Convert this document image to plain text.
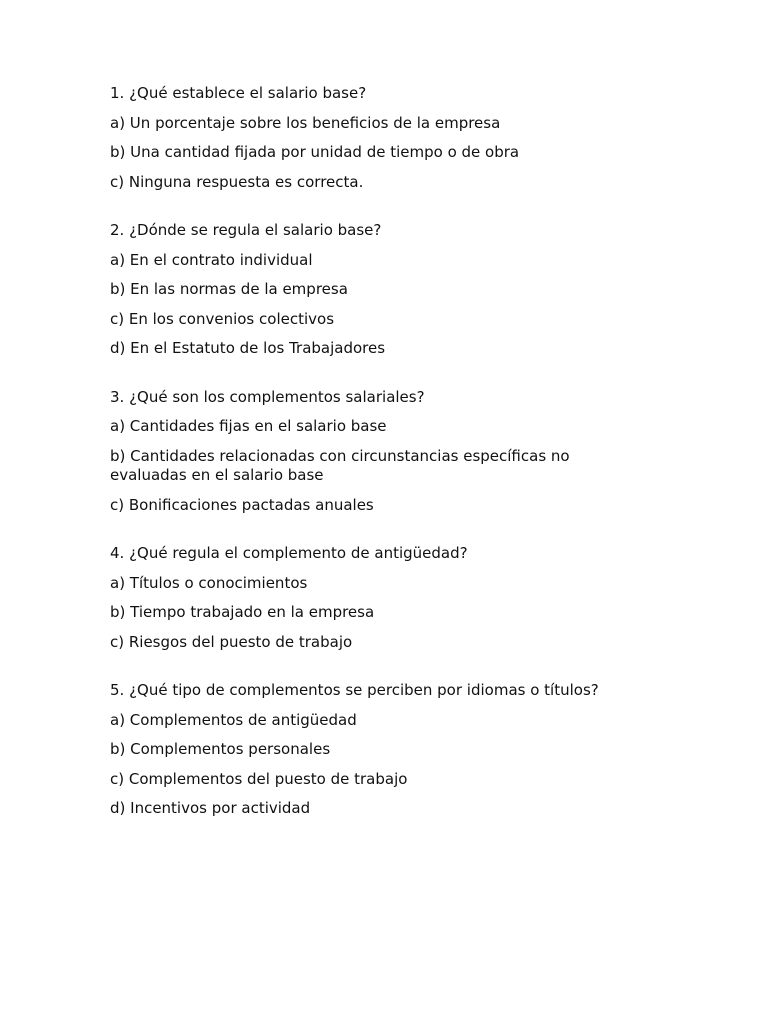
1. ¿Qué establece el salario base?

a) Un porcentaje sobre los beneficios de la empresa

b) Una cantidad fijada por unidad de tiempo o de obra

c) Ninguna respuesta es correcta.

2. ¿Dónde se regula el salario base?

a) En el contrato individual

b) En las normas de la empresa

c) En los convenios colectivos

d) En el Estatuto de los Trabajadores

3. ¿Qué son los complementos salariales?

a) Cantidades fijas en el salario base

b) Cantidades relacionadas con circunstancias específicas no evaluadas en el salario base

c) Bonificaciones pactadas anuales

4. ¿Qué regula el complemento de antigüedad?

a) Títulos o conocimientos

b) Tiempo trabajado en la empresa

c) Riesgos del puesto de trabajo

5. ¿Qué tipo de complementos se perciben por idiomas o títulos?

a) Complementos de antigüedad

b) Complementos personales

c) Complementos del puesto de trabajo

d) Incentivos por actividad
